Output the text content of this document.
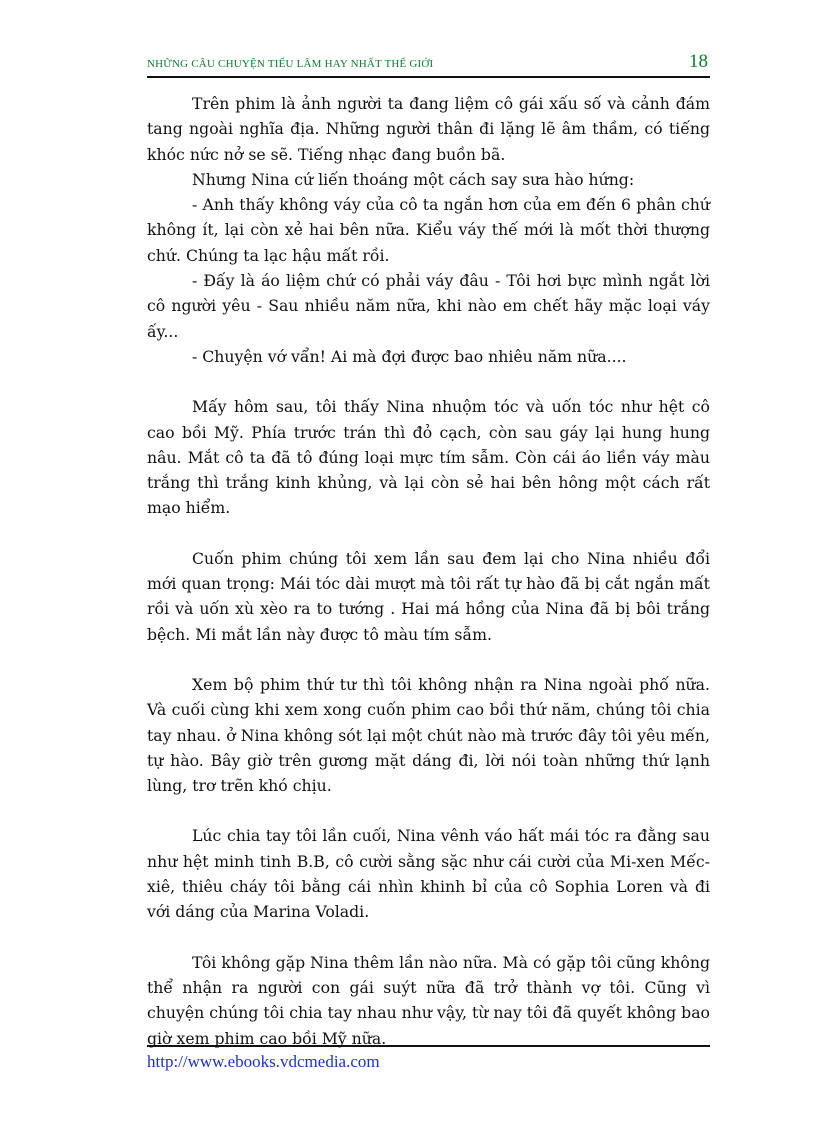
NHỮNG CÂU CHUYỆN TIẾU LÂM HAY NHẤT THẾ GIỚI	18

Trên phim là ảnh người ta đang liệm cô gái xấu số và cảnh đám tang ngoài nghĩa địa. Những người thân đi lặng lẽ âm thầm, có tiếng khóc nức nở se sẽ. Tiếng nhạc đang buồn bã.

Nhưng Nina cứ liến thoáng một cách say sưa hào hứng:

- Anh thấy không váy của cô ta ngắn hơn của em đến 6 phân chứ không ít, lại còn xẻ hai bên nữa. Kiểu váy thế mới là mốt thời thượng chứ. Chúng ta lạc hậu mất rồi.

- Đấy là áo liệm chứ có phải váy đâu - Tôi hơi bực mình ngắt lời cô người yêu - Sau nhiều năm nữa, khi nào em chết hãy mặc loại váy ấy...

- Chuyện vớ vẩn! Ai mà đợi được bao nhiêu năm nữa....

Mấy hôm sau, tôi thấy Nina nhuộm tóc và uốn tóc như hệt cô cao bồi Mỹ. Phía trước trán thì đỏ cạch, còn sau gáy lại hung hung nâu. Mắt cô ta đã tô đúng loại mực tím sẫm. Còn cái áo liền váy màu trắng thì trắng kinh khủng, và lại còn sẻ hai bên hông một cách rất mạo hiểm.

Cuốn phim chúng tôi xem lần sau đem lại cho Nina nhiều đổi mới quan trọng: Mái tóc dài mượt mà tôi rất tự hào đã bị cắt ngắn mất rồi và uốn xù xèo ra to tướng . Hai má hồng của Nina đã bị bôi trắng bệch. Mi mắt lần này được tô màu tím sẫm.

Xem bộ phim thứ tư thì tôi không nhận ra Nina ngoài phố nữa. Và cuối cùng khi xem xong cuốn phim cao bồi thứ năm, chúng tôi chia tay nhau. ở Nina không sót lại một chút nào mà trước đây tôi yêu mến, tự hào. Bây giờ trên gương mặt dáng đi, lời nói toàn những thứ lạnh lùng, trơ trẽn khó chịu.

Lúc chia tay tôi lần cuối, Nina vênh váo hất mái tóc ra đằng sau như hệt minh tinh B.B, cô cười sằng sặc như cái cười của Mi-xen Mếc-xiê, thiêu cháy tôi bằng cái nhìn khinh bỉ của cô Sophia Loren và đi với dáng của Marina Voladi.

Tôi không gặp Nina thêm lần nào nữa. Mà có gặp tôi cũng không thể nhận ra người con gái suýt nữa đã trở thành vợ tôi. Cũng vì chuyện chúng tôi chia tay nhau như vậy, từ nay tôi đã quyết không bao giờ xem phim cao bồi Mỹ nữa.

http://www.ebooks.vdcmedia.com
